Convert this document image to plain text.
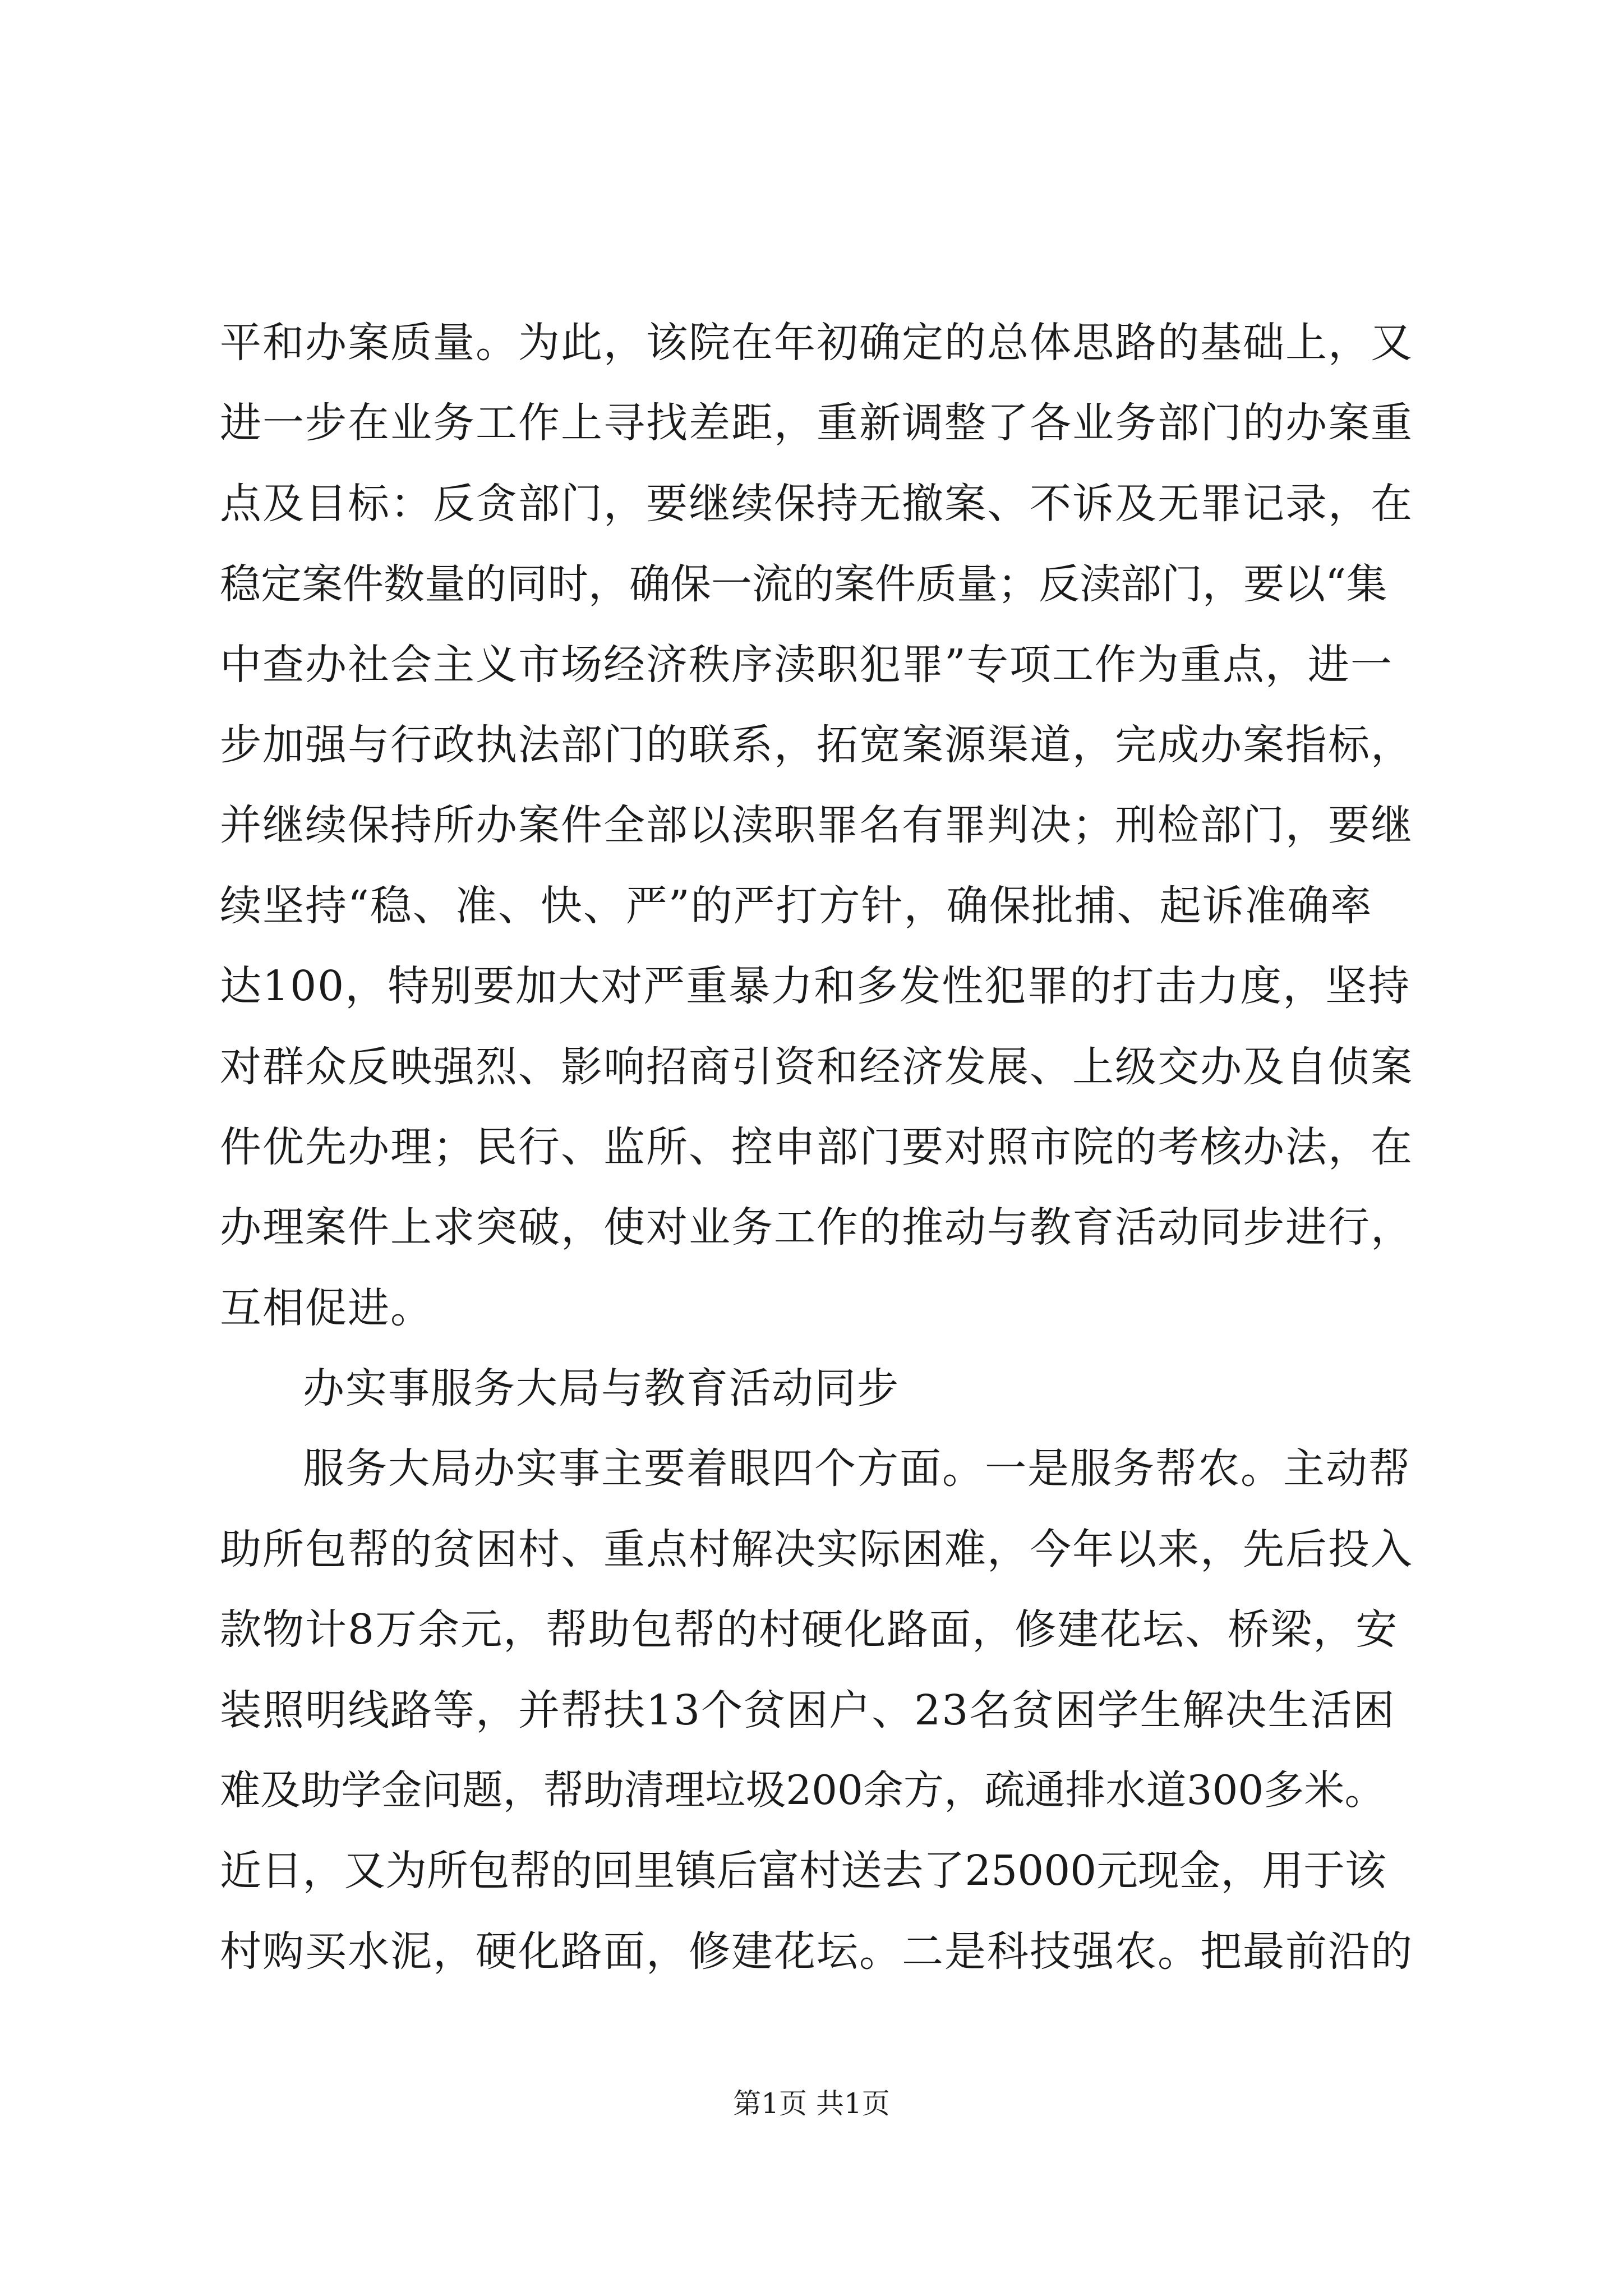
平和办案质量。为此，该院在年初确定的总体思路的基础上，又
进一步在业务工作上寻找差距，重新调整了各业务部门的办案重
点及目标：反贪部门，要继续保持无撤案、不诉及无罪记录，在
稳定案件数量的同时，确保一流的案件质量；反渎部门，要以“集
中查办社会主义市场经济秩序渎职犯罪”专项工作为重点，进一
步加强与行政执法部门的联系，拓宽案源渠道，完成办案指标，
并继续保持所办案件全部以渎职罪名有罪判决；刑检部门，要继
续坚持“稳、准、快、严”的严打方针，确保批捕、起诉准确率
达100，特别要加大对严重暴力和多发性犯罪的打击力度，坚持
对群众反映强烈、影响招商引资和经济发展、上级交办及自侦案
件优先办理；民行、监所、控申部门要对照市院的考核办法，在
办理案件上求突破，使对业务工作的推动与教育活动同步进行，
互相促进。
办实事服务大局与教育活动同步
服务大局办实事主要着眼四个方面。一是服务帮农。主动帮
助所包帮的贫困村、重点村解决实际困难，今年以来，先后投入
款物计8万余元，帮助包帮的村硬化路面，修建花坛、桥梁，安
装照明线路等，并帮扶13个贫困户、23名贫困学生解决生活困
难及助学金问题，帮助清理垃圾200余方，疏通排水道300多米。
近日，又为所包帮的回里镇后富村送去了25000元现金，用于该
村购买水泥，硬化路面，修建花坛。二是科技强农。把最前沿的
第1页 共1页
